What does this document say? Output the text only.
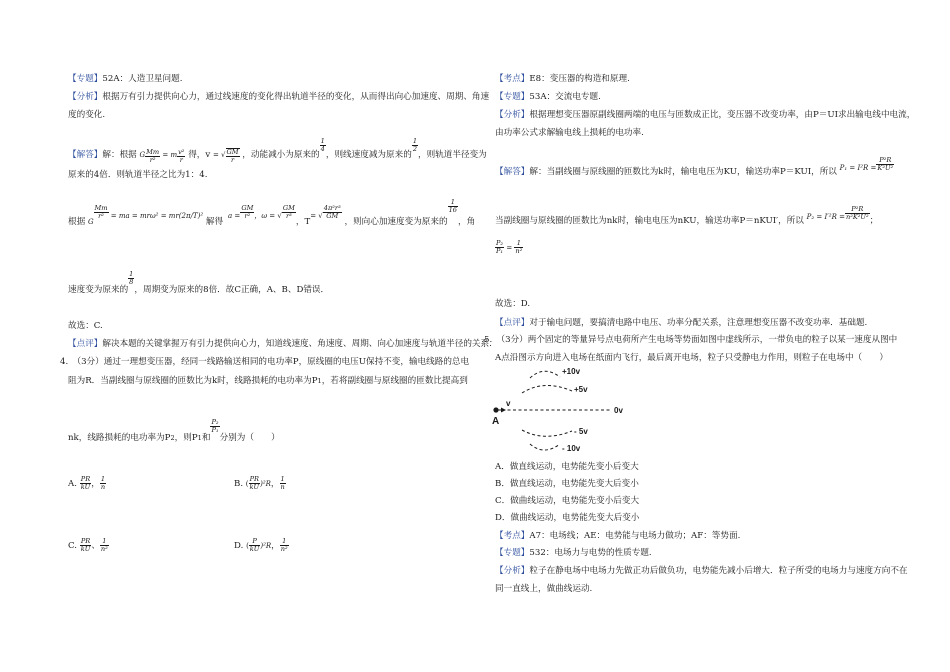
【专题】52A：人造卫星问题.
【分析】根据万有引力提供向心力，通过线速度的变化得出轨道半径的变化，从而得出向心加速度、周期、角速
度的变化.
【解答】解：根据 G $\frac{Mm}{\text{r²}} = m \frac{\text{v²}}{r}$ 得，v = √ $\frac{GM}{r}$ ，动能减小为原来的
$\frac{1}{4}$
，则线速度减为原来的
$\frac{1}{2}$
，则轨道半径变为
原来的4倍．则轨道半径之比为1：4.
根据 G
$\frac{Mm}{\text{r²}} ^{= ma = mr\omega^2 = mr(2\pi/T)^2}$ 解得  $^{a =} \frac{GM}{\text{r²}} ^{,\omega = √} \frac{GM}{\text{r³}}$
，$T^{= √} \frac{\text{4π²r³}}{GM}$
，则向心加速度变为原来的
$\frac{1}{16}$
，角
速度变为原来的
$\frac{1}{8}$
，周期变为原来的8倍．故C正确，A、B、D错误．
故选：C.
【点评】解决本题的关键掌握万有引力提供向心力，知道线速度、角速度、周期、向心加速度与轨道半径的关系.
4.　（3分）通过一理想变压器，经同一线路输送相同的电功率P，原线圈的电压U保持不变，输电线路的总电
阻为R．当副线圈与原线圈的匝数比为k时，线路损耗的电功率为P1，若将副线圈与原线圈的匝数比提高到
nk，线路损耗的电功率为P2，则P1和
$\frac{\text{P₂}}{\text{P₁}}$
分别为（　　）
A. $\frac{PR}{kU}$ ， $\frac{1}{n}$	B. ( $\frac{PR}{kU} )^2R$， $\frac{1}{n}$
C. $\frac{PR}{kU}$ 、 $\frac{1}{\text{n²}}$	D. ( $\frac{P}{kU} )^2R$， $\frac{1}{\text{n²}}$
【考点】E8：变压器的构造和原理.
【专题】53A：交流电专题.
【分析】根据理想变压器原副线圈两端的电压与匝数成正比，变压器不改变功率，由P＝UI求出输电线中电流，
由功率公式求解输电线上损耗的电功率.
【解答】解：当副线圈与原线圈的匝数比为k时，输电电压为KU，输送功率P＝KUI，所以 $^{P_1 = I^2R =} \frac{\text{P²R}}{\text{K²U²}}$
当副线圈与原线圈的匝数比为nk时，输电电压为nKU，输送功率P＝nKUI′，所以 $^{P_2 = I'^2R =} \frac{\text{P²R}}{\text{n²K²U²}}$
；
$\frac{\text{P₂}}{\text{P₁}} = \frac{1}{\text{n²}}$
故选：D.
【点评】对于输电问题，要搞清电路中电压、功率分配关系，注意理想变压器不改变功率．基础题.
5.　（3分）两个固定的等量异号点电荷所产生电场等势面如图中虚线所示，一带负电的粒子以某一速度从图中
A点沿图示方向进入电场在纸面内飞行，最后离开电场，粒子只受静电力作用，则粒子在电场中（　　）
+10v
+5v
0v
- 5v
- 10v
v
A
A．做直线运动，电势能先变小后变大
B．做直线运动，电势能先变大后变小
C．做曲线运动，电势能先变小后变大
D．做曲线运动，电势能先变大后变小
【考点】A7：电场线；AE：电势能与电场力做功；AF：等势面.
【专题】532：电场力与电势的性质专题.
【分析】粒子在静电场中电场力先做正功后做负功，电势能先减小后增大．粒子所受的电场力与速度方向不在
同一直线上，做曲线运动.
